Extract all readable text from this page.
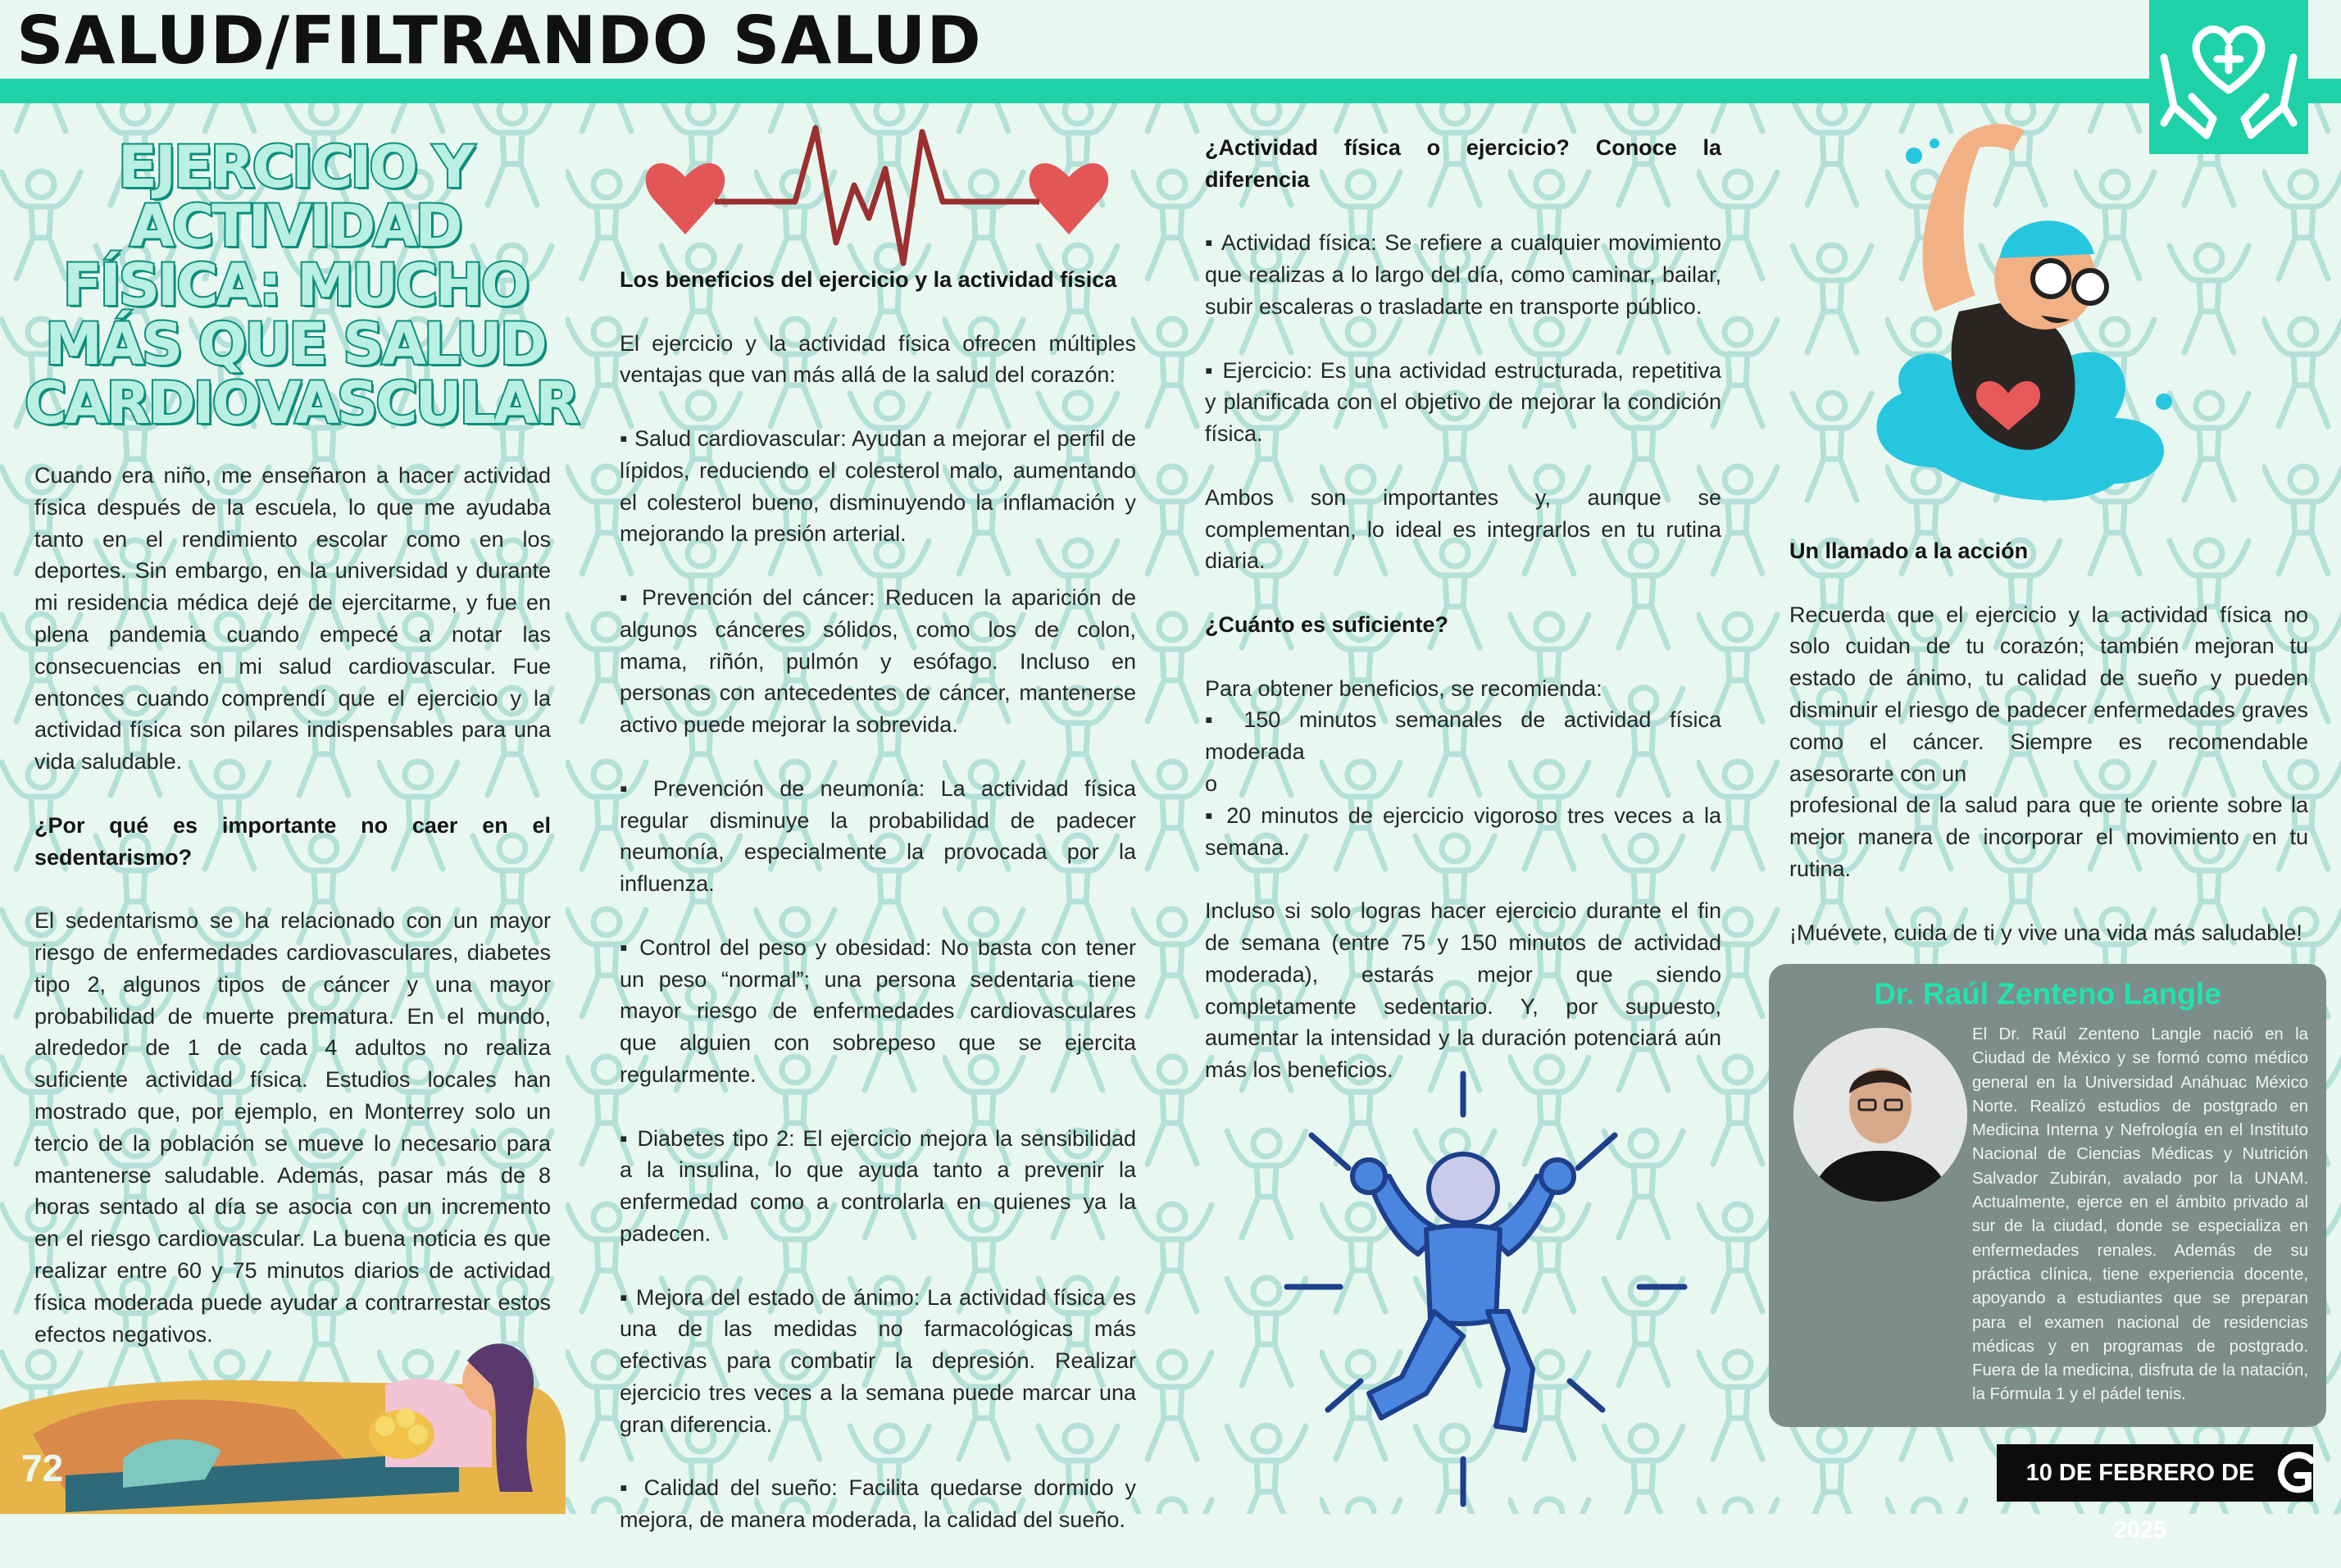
SALUD/FILTRANDO SALUD
EJERCICIO Y ACTIVIDAD FÍSICA: MUCHO MÁS QUE SALUD CARDIOVASCULAR

Cuando era niño, me enseñaron a hacer actividad física después de la escuela, lo que me ayudaba tanto en el rendimiento escolar como en los deportes. Sin embargo, en la universidad y durante mi residencia médica dejé de ejercitarme, y fue en plena pandemia cuando empecé a notar las consecuencias en mi salud cardiovascular. Fue entonces cuando comprendí que el ejercicio y la actividad física son pilares indispensables para una vida saludable.

¿Por qué es importante no caer en el sedentarismo?

El sedentarismo se ha relacionado con un mayor riesgo de enfermedades cardiovasculares, diabetes tipo 2, algunos tipos de cáncer y una mayor probabilidad de muerte prematura. En el mundo, alrededor de 1 de cada 4 adultos no realiza suficiente actividad física. Estudios locales han mostrado que, por ejemplo, en Monterrey solo un tercio de la población se mueve lo necesario para mantenerse saludable. Además, pasar más de 8 horas sentado al día se asocia con un incremento en el riesgo cardiovascular. La buena noticia es que realizar entre 60 y 75 minutos diarios de actividad física moderada puede ayudar a contrarrestar estos efectos negativos.

Los beneficios del ejercicio y la actividad física

El ejercicio y la actividad física ofrecen múltiples ventajas que van más allá de la salud del corazón:

▪ Salud cardiovascular: Ayudan a mejorar el perfil de lípidos, reduciendo el colesterol malo, aumentando el colesterol bueno, disminuyendo la inflamación y mejorando la presión arterial.

▪ Prevención del cáncer: Reducen la aparición de algunos cánceres sólidos, como los de colon, mama, riñón, pulmón y esófago. Incluso en personas con antecedentes de cáncer, mantenerse activo puede mejorar la sobrevida.

▪ Prevención de neumonía: La actividad física regular disminuye la probabilidad de padecer neumonía, especialmente la provocada por la influenza.

▪ Control del peso y obesidad: No basta con tener un peso “normal”; una persona sedentaria tiene mayor riesgo de enfermedades cardiovasculares que alguien con sobrepeso que se ejercita regularmente.

▪ Diabetes tipo 2: El ejercicio mejora la sensibilidad a la insulina, lo que ayuda tanto a prevenir la enfermedad como a controlarla en quienes ya la padecen.

▪ Mejora del estado de ánimo: La actividad física es una de las medidas no farmacológicas más efectivas para combatir la depresión. Realizar ejercicio tres veces a la semana puede marcar una gran diferencia.

▪ Calidad del sueño: Facilita quedarse dormido y mejora, de manera moderada, la calidad del sueño.

¿Actividad física o ejercicio? Conoce la diferencia

▪ Actividad física: Se refiere a cualquier movimiento que realizas a lo largo del día, como caminar, bailar, subir escaleras o trasladarte en transporte público.

▪ Ejercicio: Es una actividad estructurada, repetitiva y planificada con el objetivo de mejorar la condición física.

Ambos son importantes y, aunque se complementan, lo ideal es integrarlos en tu rutina diaria.

¿Cuánto es suficiente?

Para obtener beneficios, se recomienda:
▪ 150 minutos semanales de actividad física moderada
o

▪ 20 minutos de ejercicio vigoroso tres veces a la semana.

Incluso si solo logras hacer ejercicio durante el fin de semana (entre 75 y 150 minutos de actividad moderada), estarás mejor que siendo completamente sedentario. Y, por supuesto, aumentar la intensidad y la duración potenciará aún más los beneficios.

Un llamado a la acción

Recuerda que el ejercicio y la actividad física no solo cuidan de tu corazón; también mejoran tu estado de ánimo, tu calidad de sueño y pueden disminuir el riesgo de padecer enfermedades graves como el cáncer. Siempre es recomendable asesorarte con un

profesional de la salud para que te oriente sobre la mejor manera de incorporar el movimiento en tu rutina.

¡Muévete, cuida de ti y vive una vida más saludable!

Dr. Raúl Zenteno Langle
El Dr. Raúl Zenteno Langle nació en la Ciudad de México y se formó como médico general en la Universidad Anáhuac México Norte. Realizó estudios de postgrado en Medicina Interna y Nefrología en el Instituto Nacional de Ciencias Médicas y Nutrición Salvador Zubirán, avalado por la UNAM. Actualmente, ejerce en el ámbito privado al sur de la ciudad, donde se especializa en enfermedades renales. Además de su práctica clínica, tiene experiencia docente, apoyando a estudiantes que se preparan para el examen nacional de residencias médicas y en programas de postgrado. Fuera de la medicina, disfruta de la natación, la Fórmula 1 y el pádel tenis.
72	10 DE FEBRERO DE 2025
